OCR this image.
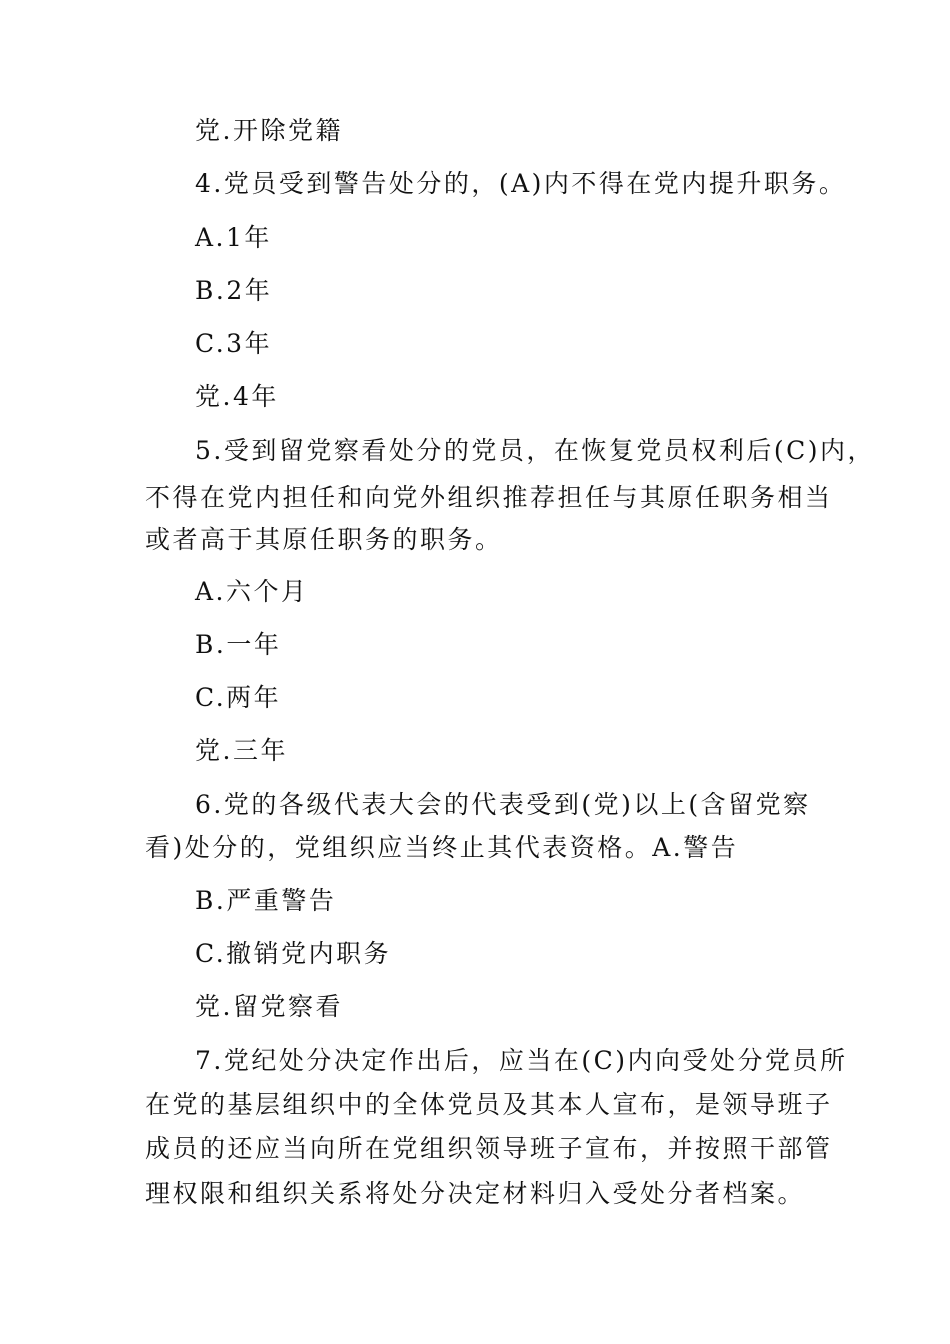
党.开除党籍
4.党员受到警告处分的，(A)内不得在党内提升职务。
A.1年
B.2年
C.3年
党.4年
5.受到留党察看处分的党员，在恢复党员权利后(C)内，
不得在党内担任和向党外组织推荐担任与其原任职务相当
或者高于其原任职务的职务。
A.六个月
B.一年
C.两年
党.三年
6.党的各级代表大会的代表受到(党)以上(含留党察
看)处分的，党组织应当终止其代表资格。A.警告
B.严重警告
C.撤销党内职务
党.留党察看
7.党纪处分决定作出后，应当在(C)内向受处分党员所
在党的基层组织中的全体党员及其本人宣布，是领导班子
成员的还应当向所在党组织领导班子宣布，并按照干部管
理权限和组织关系将处分决定材料归入受处分者档案。
